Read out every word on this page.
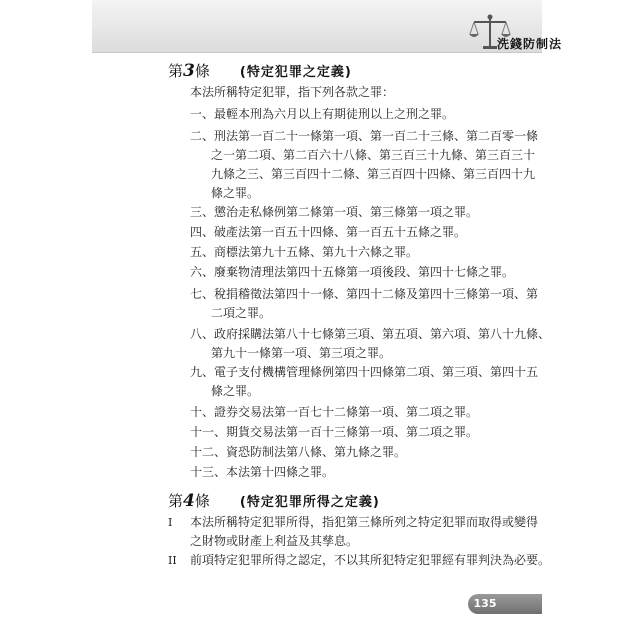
洗錢防制法
第3條 (特定犯罪之定義)
本法所稱特定犯罪，指下列各款之罪：
一、最輕本刑為六月以上有期徒刑以上之刑之罪。
二、刑法第一百二十一條第一項、第一百二十三條、第二百零一條
之一第二項、第二百六十八條、第三百三十九條、第三百三十
九條之三、第三百四十二條、第三百四十四條、第三百四十九
條之罪。
三、懲治走私條例第二條第一項、第三條第一項之罪。
四、破產法第一百五十四條、第一百五十五條之罪。
五、商標法第九十五條、第九十六條之罪。
六、廢棄物清理法第四十五條第一項後段、第四十七條之罪。
七、稅捐稽徵法第四十一條、第四十二條及第四十三條第一項、第
二項之罪。
八、政府採購法第八十七條第三項、第五項、第六項、第八十九條、
第九十一條第一項、第三項之罪。
九、電子支付機構管理條例第四十四條第二項、第三項、第四十五
條之罪。
十、證券交易法第一百七十二條第一項、第二項之罪。
十一、期貨交易法第一百十三條第一項、第二項之罪。
十二、資恐防制法第八條、第九條之罪。
十三、本法第十四條之罪。
第4條 (特定犯罪所得之定義)
I 本法所稱特定犯罪所得，指犯第三條所列之特定犯罪而取得或變得
之財物或財產上利益及其孳息。
II 前項特定犯罪所得之認定，不以其所犯特定犯罪經有罪判決為必要。
135
